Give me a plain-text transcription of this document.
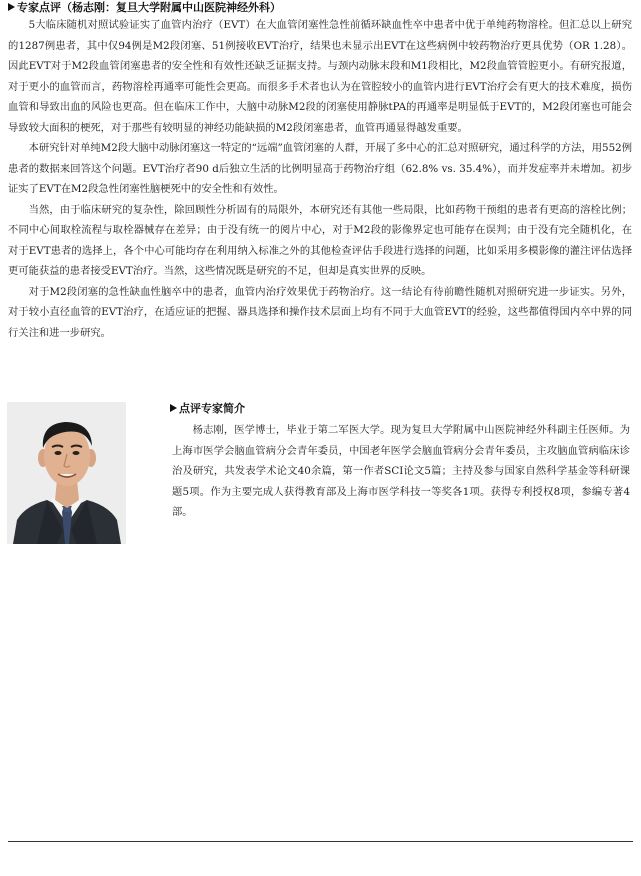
专家点评（杨志刚：复旦大学附属中山医院神经外科）

5大临床随机对照试验证实了血管内治疗（EVT）在大血管闭塞性急性前循环缺血性卒中患者中优于单纯药物溶栓。但汇总以上研究的1287例患者，其中仅94例是M2段闭塞、51例接收EVT治疗，结果也未显示出EVT在这些病例中较药物治疗更具优势（OR 1.28）。因此EVT对于M2段血管闭塞患者的安全性和有效性还缺乏证据支持。与颈内动脉末段和M1段相比，M2段血管管腔更小。有研究报道，对于更小的血管而言，药物溶栓再通率可能性会更高。而很多手术者也认为在管腔较小的血管内进行EVT治疗会有更大的技术难度，损伤血管和导致出血的风险也更高。但在临床工作中，大脑中动脉M2段的闭塞使用静脉tPA的再通率是明显低于EVT的，M2段闭塞也可能会导致较大面积的梗死，对于那些有较明显的神经功能缺损的M2段闭塞患者，血管再通显得越发重要。

本研究针对单纯M2段大脑中动脉闭塞这一特定的“远端”血管闭塞的人群，开展了多中心的汇总对照研究，通过科学的方法，用552例患者的数据来回答这个问题。EVT治疗者90 d后独立生活的比例明显高于药物治疗组（62.8% vs. 35.4%），而并发症率并未增加。初步证实了EVT在M2段急性闭塞性脑梗死中的安全性和有效性。

当然，由于临床研究的复杂性，除回顾性分析固有的局限外，本研究还有其他一些局限，比如药物干预组的患者有更高的溶栓比例；不同中心间取栓流程与取栓器械存在差异；由于没有统一的阅片中心，对于M2段的影像界定也可能存在误判；由于没有完全随机化，在对于EVT患者的选择上，各个中心可能均存在利用纳入标准之外的其他检查评估手段进行选择的问题，比如采用多模影像的灌注评估选择更可能获益的患者接受EVT治疗。当然，这些情况既是研究的不足，但却是真实世界的反映。

对于M2段闭塞的急性缺血性脑卒中的患者，血管内治疗效果优于药物治疗。这一结论有待前瞻性随机对照研究进一步证实。另外，对于较小直径血管的EVT治疗，在适应证的把握、器具选择和操作技术层面上均有不同于大血管EVT的经验，这些都值得国内卒中界的同行关注和进一步研究。

点评专家简介

杨志刚，医学博士，毕业于第二军医大学。现为复旦大学附属中山医院神经外科副主任医师。为上海市医学会脑血管病分会青年委员，中国老年医学会脑血管病分会青年委员，主攻脑血管病临床诊治及研究，共发表学术论文40余篇，第一作者SCI论文5篇；主持及参与国家自然科学基金等科研课题5项。作为主要完成人获得教育部及上海市医学科技一等奖各1项。获得专利授权8项，参编专著4部。
